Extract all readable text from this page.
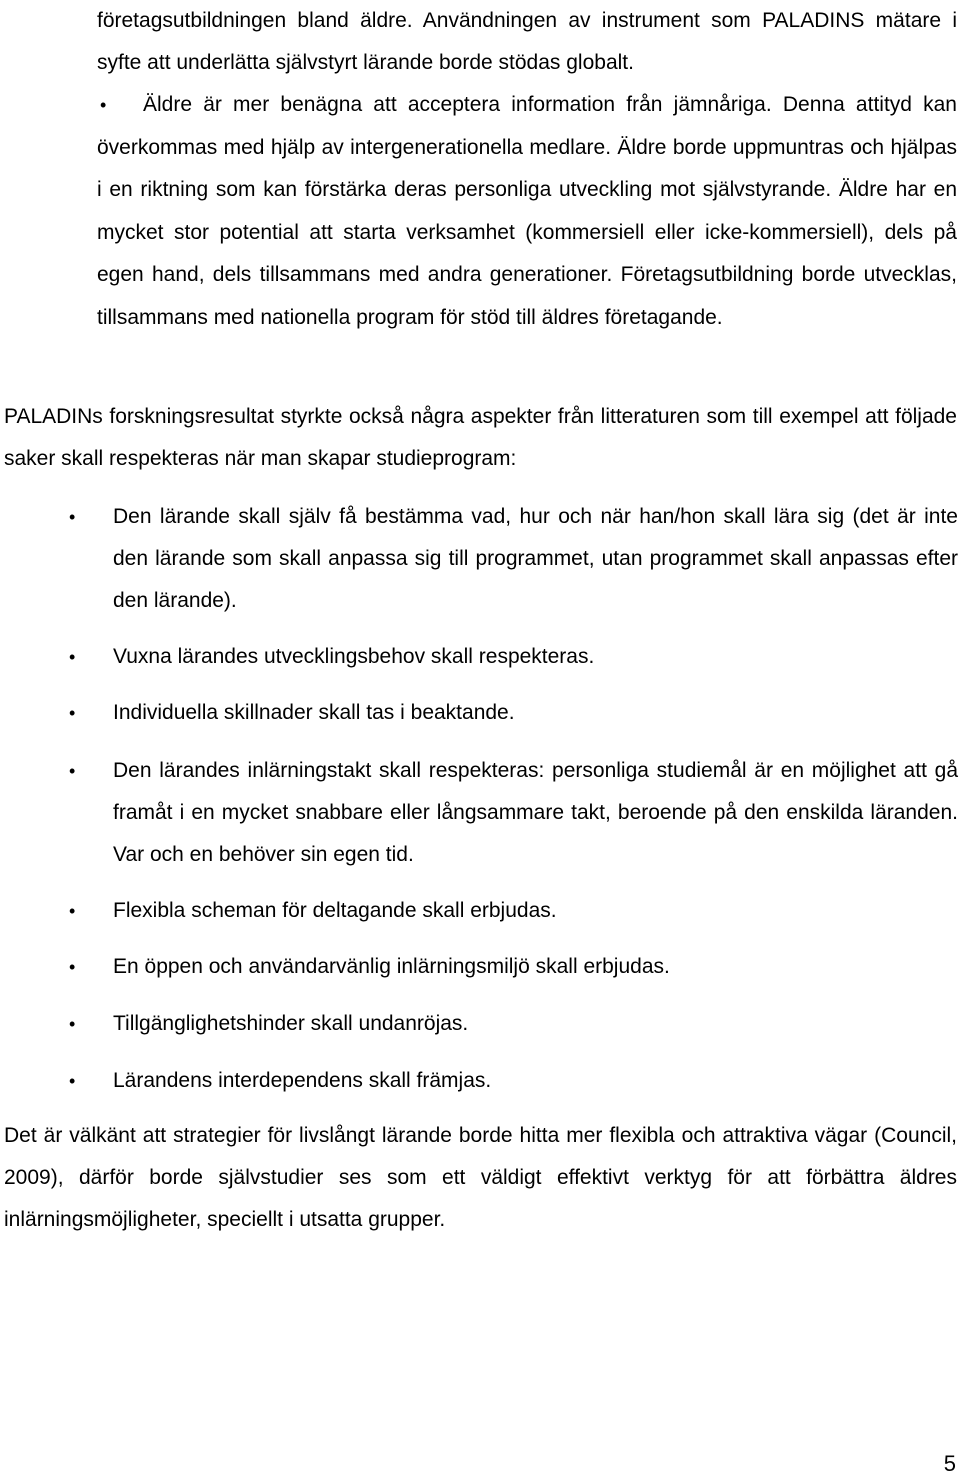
företagsutbildningen bland äldre. Användningen av instrument som PALADINS mätare i syfte att underlätta självstyrt lärande borde stödas globalt.

• Äldre är mer benägna att acceptera information från jämnåriga. Denna attityd kan överkommas med hjälp av intergenerationella medlare. Äldre borde uppmuntras och hjälpas i en riktning som kan förstärka deras personliga utveckling mot självstyrande. Äldre har en mycket stor potential att starta verksamhet (kommersiell eller icke-kommersiell), dels på egen hand, dels tillsammans med andra generationer. Företagsutbildning borde utvecklas, tillsammans med nationella program för stöd till äldres företagande.

PALADINs forskningsresultat styrkte också några aspekter från litteraturen som till exempel att följade saker skall respekteras när man skapar studieprogram:

• Den lärande skall själv få bestämma vad, hur och när han/hon skall lära sig (det är inte den lärande som skall anpassa sig till programmet, utan programmet skall anpassas efter den lärande).
• Vuxna lärandes utvecklingsbehov skall respekteras.
• Individuella skillnader skall tas i beaktande.
• Den lärandes inlärningstakt skall respekteras: personliga studiemål är en möjlighet att gå framåt i en mycket snabbare eller långsammare takt, beroende på den enskilda läranden. Var och en behöver sin egen tid.
• Flexibla scheman för deltagande skall erbjudas.
• En öppen och användarvänlig inlärningsmiljö skall erbjudas.
• Tillgänglighetshinder skall undanröjas.
• Lärandens interdependens skall främjas.

Det är välkänt att strategier för livslångt lärande borde hitta mer flexibla och attraktiva vägar (Council, 2009), därför borde självstudier ses som ett väldigt effektivt verktyg för att förbättra äldres inlärningsmöjligheter, speciellt i utsatta grupper.

5
